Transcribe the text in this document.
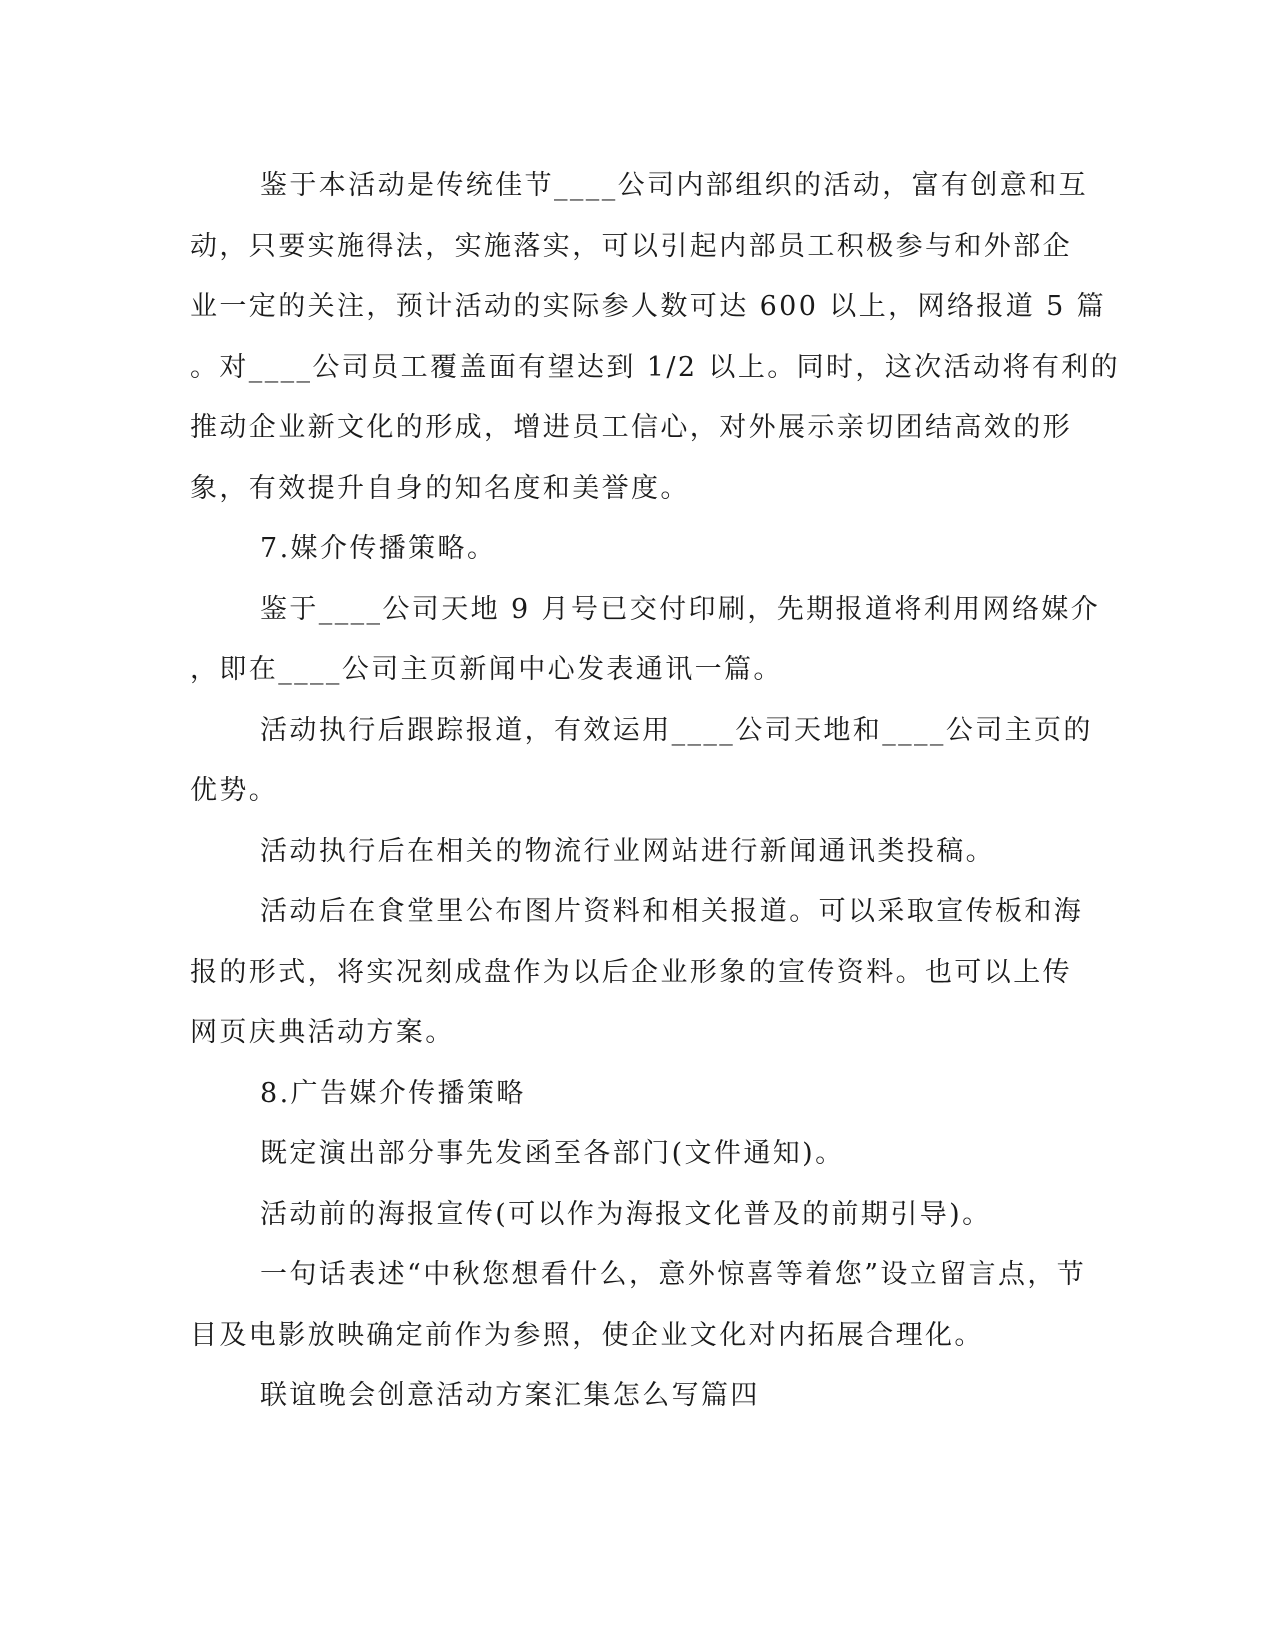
鉴于本活动是传统佳节____公司内部组织的活动，富有创意和互

动，只要实施得法，实施落实，可以引起内部员工积极参与和外部企

业一定的关注，预计活动的实际参人数可达 600 以上，网络报道 5 篇

。对____公司员工覆盖面有望达到 1/2 以上。同时，这次活动将有利的

推动企业新文化的形成，增进员工信心，对外展示亲切团结高效的形

象，有效提升自身的知名度和美誉度。

7.媒介传播策略。

鉴于____公司天地 9 月号已交付印刷，先期报道将利用网络媒介

，即在____公司主页新闻中心发表通讯一篇。

活动执行后跟踪报道，有效运用____公司天地和____公司主页的

优势。

活动执行后在相关的物流行业网站进行新闻通讯类投稿。

活动后在食堂里公布图片资料和相关报道。可以采取宣传板和海

报的形式，将实况刻成盘作为以后企业形象的宣传资料。也可以上传

网页庆典活动方案。

8.广告媒介传播策略

既定演出部分事先发函至各部门(文件通知)。

活动前的海报宣传(可以作为海报文化普及的前期引导)。

一句话表述“中秋您想看什么，意外惊喜等着您”设立留言点，节

目及电影放映确定前作为参照，使企业文化对内拓展合理化。

联谊晚会创意活动方案汇集怎么写篇四
